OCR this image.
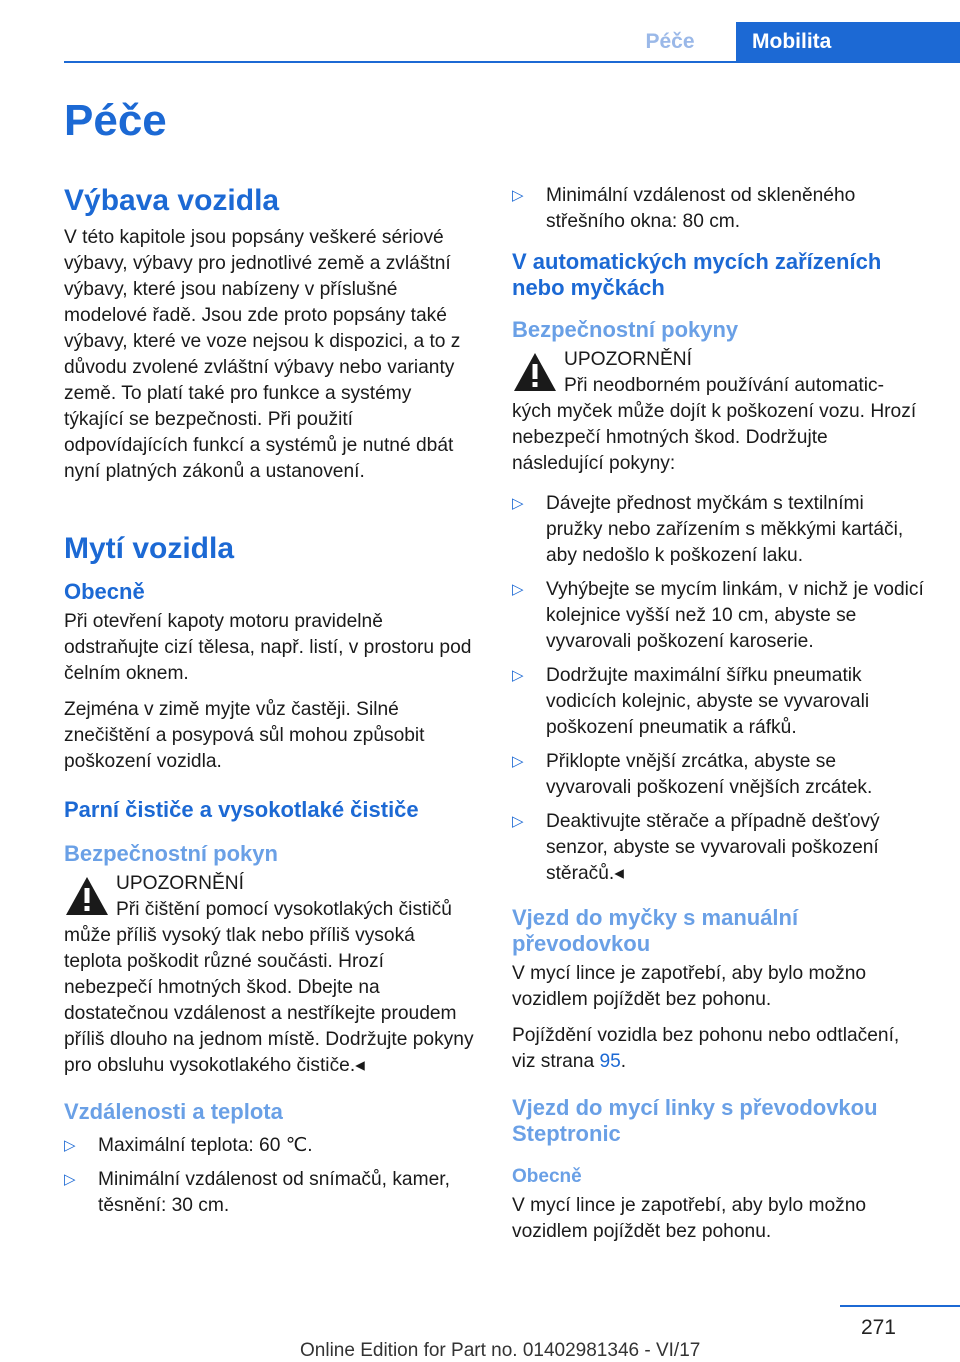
Péče	Mobilita
Péče
Výbava vozidla

V této kapitole jsou popsány veškeré sériové výbavy, výbavy pro jednotlivé země a zvláštní výbavy, které jsou nabízeny v příslušné modelové řadě. Jsou zde proto popsány také výbavy, které ve voze nejsou k dispozici, a to z důvodu zvolené zvláštní výbavy nebo varianty země. To platí také pro funkce a systémy týkající se bezpečnosti. Při použití odpovídajících funkcí a systémů je nutné dbát nyní platných zákonů a ustanovení.

Mytí vozidla
Obecně

Při otevření kapoty motoru pravidelně odstraňujte cizí tělesa, např. listí, v prostoru pod čelním oknem.

Zejména v zimě myjte vůz častěji. Silné znečištění a posypová sůl mohou způsobit poškození vozidla.

Parní čističe a vysokotlaké čističe
Bezpečnostní pokyn
UPOZORNĚNÍ
Při čištění pomocí vysokotlakých čističů
může příliš vysoký tlak nebo příliš vysoká teplota poškodit různé součásti. Hrozí nebezpečí hmotných škod. Dbejte na dostatečnou vzdálenost a nestříkejte proudem příliš dlouho na jednom místě. Dodržujte pokyny pro obsluhu vysokotlakého čističe.◂
Vzdálenosti a teplota
▷ Maximální teplota: 60 ℃.
▷ Minimální vzdálenost od snímačů, kamer, těsnění: 30 cm.
▷ Minimální vzdálenost od skleněného střešního okna: 80 cm.
V automatických mycích zařízeních nebo myčkách
Bezpečnostní pokyny
UPOZORNĚNÍ
Při neodborném používání automatic-
kých myček může dojít k poškození vozu. Hrozí nebezpečí hmotných škod. Dodržujte následující pokyny:
▷ Dávejte přednost myčkám s textilními pružky nebo zařízením s měkkými kartáči, aby nedošlo k poškození laku.
▷ Vyhýbejte se mycím linkám, v nichž je vodicí kolejnice vyšší než 10 cm, abyste se vyvarovali poškození karoserie.
▷ Dodržujte maximální šířku pneumatik vodicích kolejnic, abyste se vyvarovali poškození pneumatik a ráfků.
▷ Přiklopte vnější zrcátka, abyste se vyvarovali poškození vnějších zrcátek.
▷ Deaktivujte stěrače a případně dešťový senzor, abyste se vyvarovali poškození stěračů.◂
Vjezd do myčky s manuální převodovkou

V mycí lince je zapotřebí, aby bylo možno vozidlem pojíždět bez pohonu.

Pojíždění vozidla bez pohonu nebo odtlačení, viz strana 95.

Vjezd do mycí linky s převodovkou Steptronic
Obecně

V mycí lince je zapotřebí, aby bylo možno vozidlem pojíždět bez pohonu.

271
Online Edition for Part no. 01402981346 - VI/17
